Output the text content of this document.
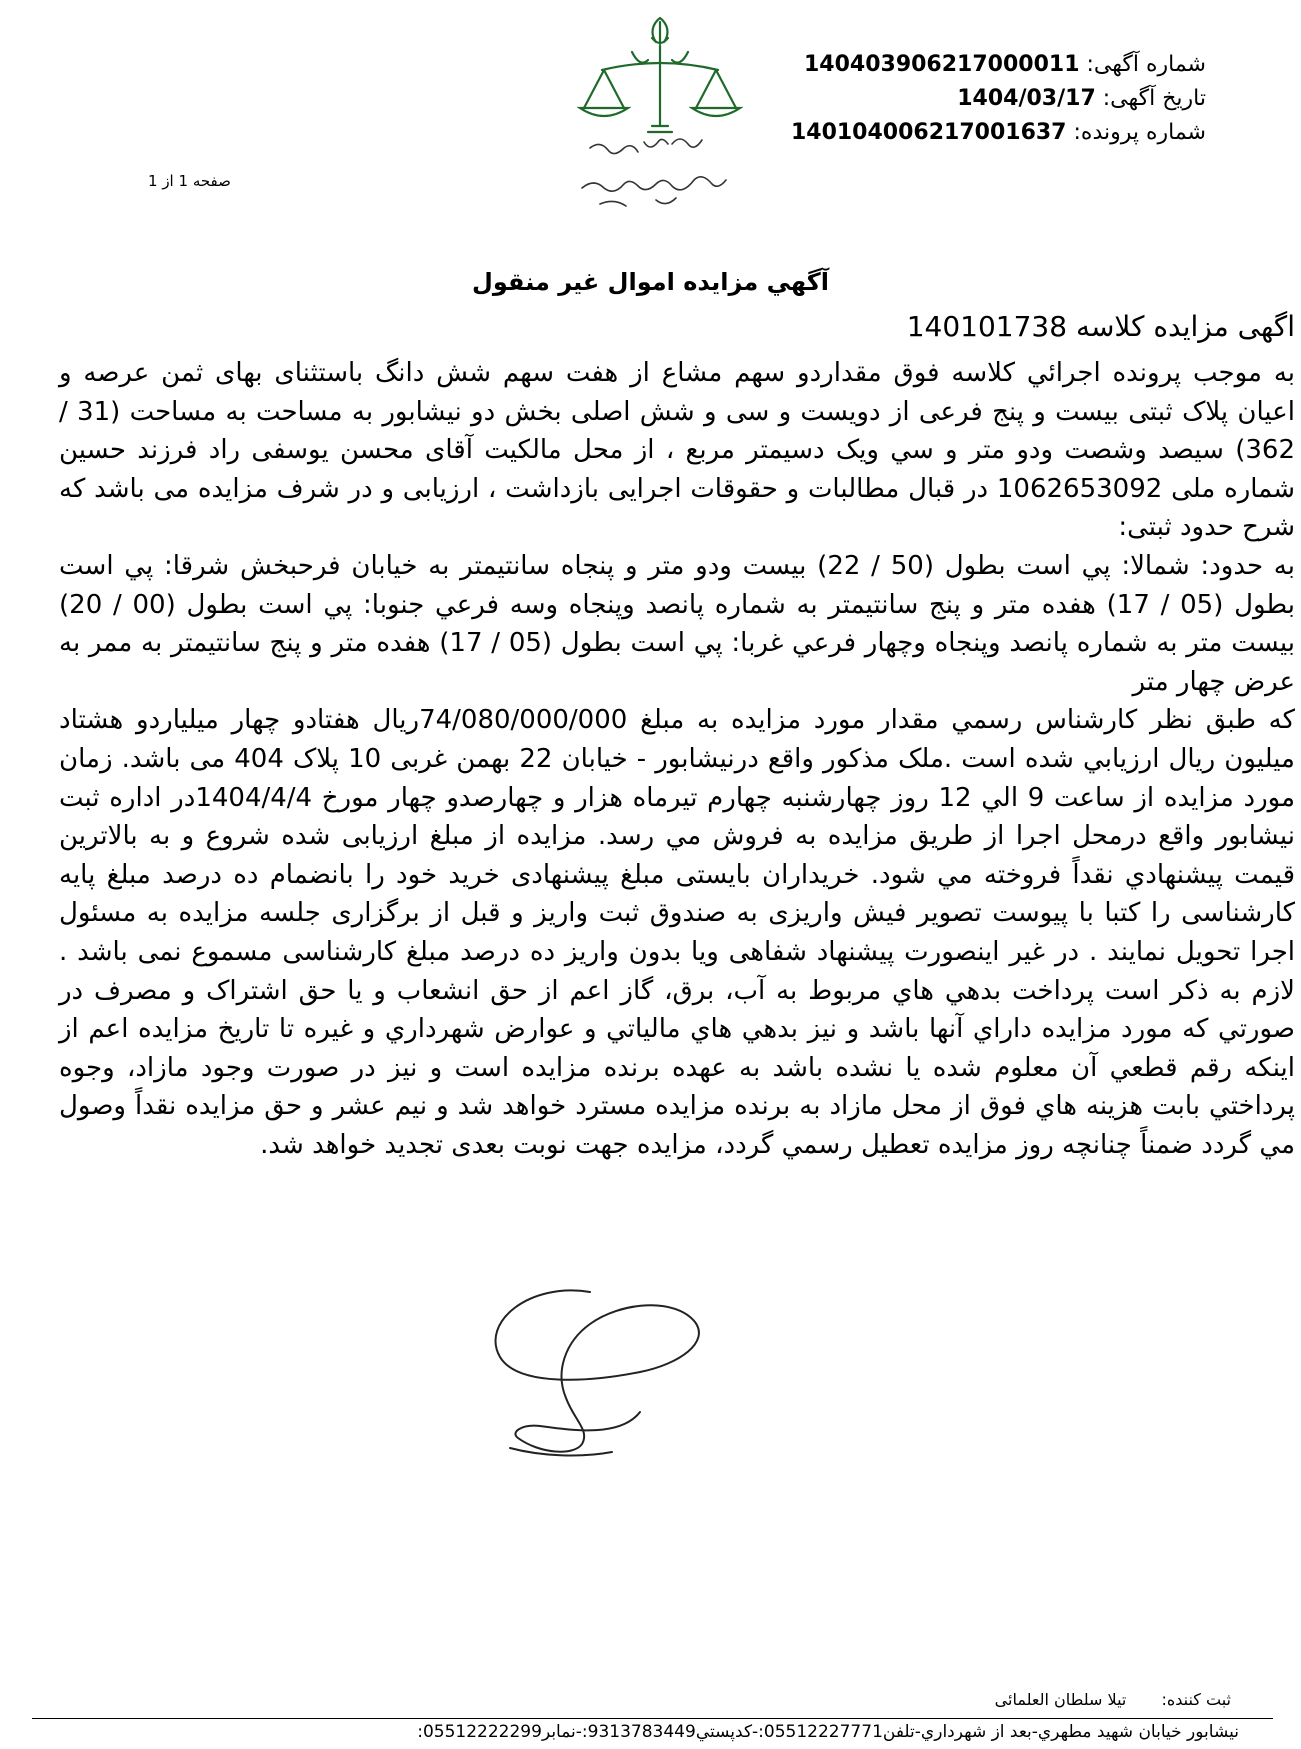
شماره آگهی: 140403906217000011
تاریخ آگهی: 1404/03/17
شماره پرونده: 140104006217001637
صفحه 1 از 1
آگهي مزايده اموال غير منقول
اگهی مزایده کلاسه 140101738

به موجب پرونده اجرائي كلاسه فوق مقداردو سهم مشاع از هفت سهم شش دانگ باستثنای بهای ثمن عرصه و اعیان پلاک ثبتی بیست و پنج فرعی از دویست و سی و شش اصلی بخش دو نیشابور به مساحت به مساحت (31 / 362) سیصد وشصت ودو متر و سي ویک دسیمتر مربع ، از محل مالکیت آقای محسن یوسفی راد فرزند حسین شماره ملی 1062653092 در قبال مطالبات و حقوقات اجرایی بازداشت ، ارزیابی و در شرف مزایده می باشد که شرح حدود ثبتی:

به حدود: شمالا: پي است بطول (50 / 22) بیست ودو متر و پنجاه سانتیمتر به خیابان فرحبخش شرقا: پي است بطول (05 / 17) هفده متر و پنج سانتیمتر به شماره پانصد وپنجاه وسه فرعي جنوبا: پي است بطول (00 / 20) بیست متر به شماره پانصد وپنجاه وچهار فرعي غربا: پي است بطول (05 / 17) هفده متر و پنج سانتیمتر به ممر به عرض چهار متر

که طبق نظر کارشناس رسمي مقدار مورد مزایده به مبلغ 74/080/000/000ریال هفتادو چهار میلیاردو هشتاد میلیون ریال ارزیابي شده است .ملک مذکور واقع درنیشابور - خیابان 22 بهمن غربی 10 پلاک 404 می باشد. زمان مورد مزایده از ساعت 9 الي 12 روز چهارشنبه چهارم تیرماه هزار و چهارصدو چهار مورخ 1404/4/4در اداره ثبت نیشابور واقع درمحل اجرا از طریق مزایده به فروش مي رسد. مزایده از مبلغ ارزیابی شده شروع و به بالاترین قیمت پیشنهادي نقداً فروخته مي شود. خریداران بایستی مبلغ پیشنهادی خرید خود را بانضمام ده درصد مبلغ پایه کارشناسی را کتبا با پیوست تصویر فیش واریزی به صندوق ثبت واریز و قبل از برگزاری جلسه مزایده به مسئول اجرا تحویل نمایند . در غیر اینصورت پیشنهاد شفاهی ویا بدون واریز ده درصد مبلغ کارشناسی مسموع نمی باشد . لازم به ذکر است پرداخت بدهي هاي مربوط به آب، برق، گاز اعم از حق انشعاب و یا حق اشتراک و مصرف در صورتي که مورد مزایده داراي آنها باشد و نیز بدهي هاي مالیاتي و عوارض شهرداري و غیره تا تاریخ مزایده اعم از اینکه رقم قطعي آن معلوم شده یا نشده باشد به عهده برنده مزایده است و نیز در صورت وجود مازاد، وجوه پرداختي بابت هزینه هاي فوق از محل مازاد به برنده مزایده مسترد خواهد شد و نیم عشر و حق مزایده نقداً وصول مي گردد ضمناً چنانچه روز مزایده تعطیل رسمي گردد، مزایده جهت نوبت بعدی تجدید خواهد شد.

ثبت کننده: تیلا سلطان العلمائی
نيشابور خيابان شهيد مطهري-بعد از شهرداري-تلفن05512227771:-كدپستي9313783449:-نمابر05512222299:
